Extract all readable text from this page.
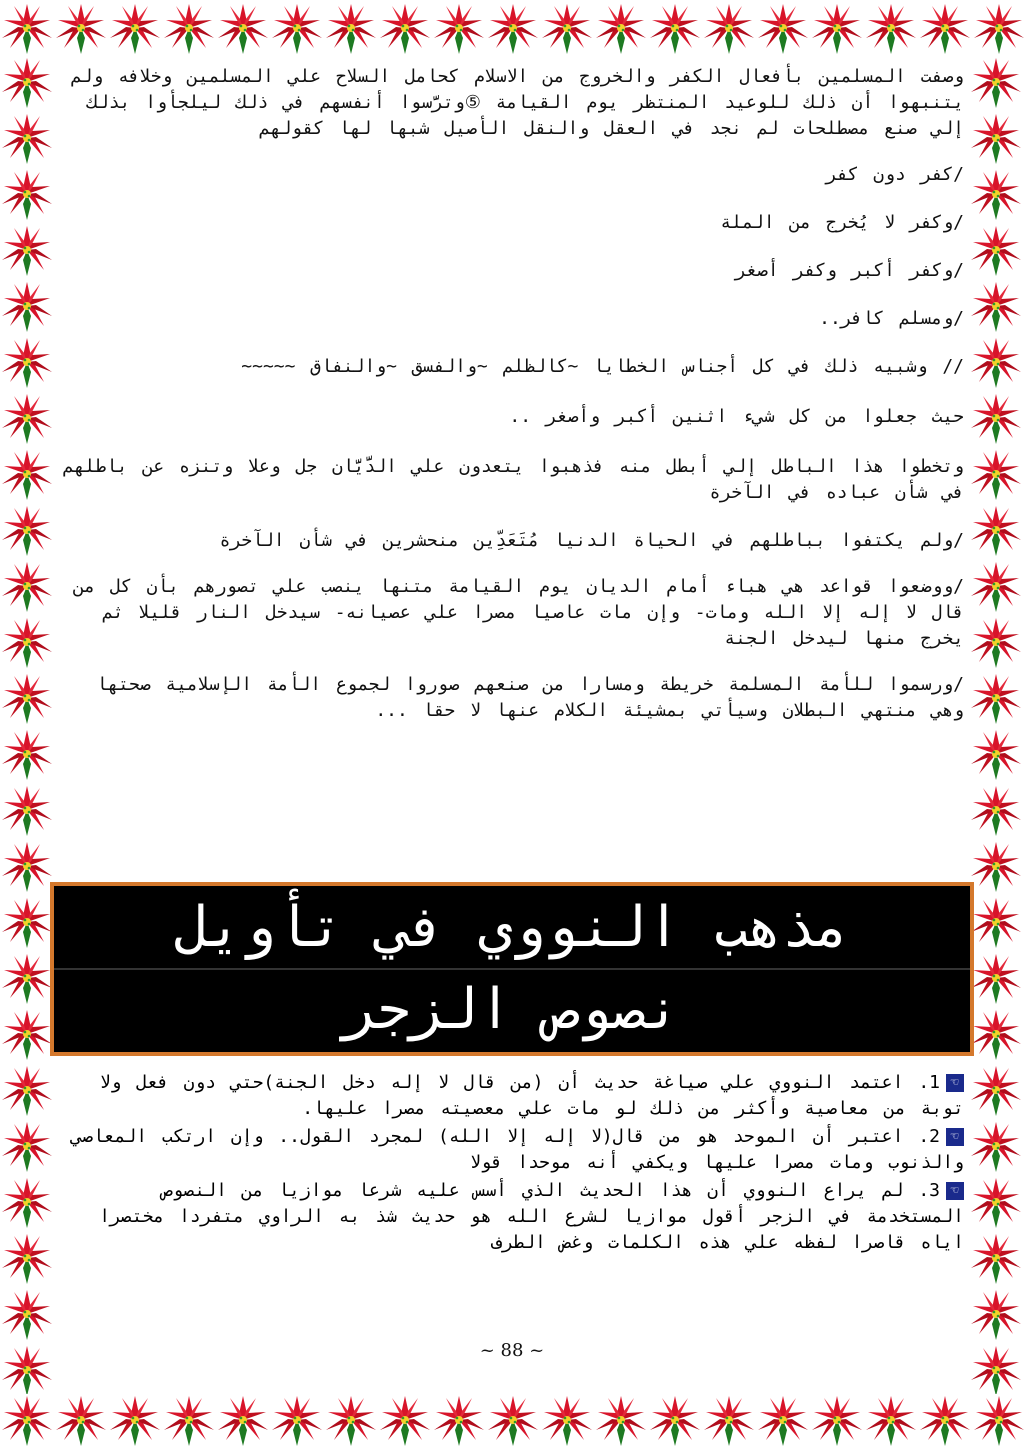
وصفت المسلمين بأفعال الكفر والخروج من الاسلام كحامل السلاح علي المسلمين وخلافه ولم يتنبهوا أن ذلك للوعيد المنتظر يوم القيامة ⑤وترَّسوا أنفسهم في ذلك ليلجأوا بذلك إلي صنع مصطلحات لم نجد في العقل والنقل الأصيل شبها لها كقولهم

/كفر دون كفر

/وكفر لا يُخرج من الملة

/وكفر أكبر وكفر أصغر

/ومسلم كافر..

// وشبيه ذلك في كل أجناس الخطايا ~كالظلم ~والفسق ~والنفاق ~~~~~

حيث جعلوا من كل شيء اثنين أكبر وأصغر ..

وتخطوا هذا الباطل إلي أبطل منه فذهبوا يتعدون علي الدَّيَّان جل وعلا وتنزه عن باطلهم في شأن عباده في الآخرة

/ولم يكتفوا بباطلهم في الحياة الدنيا مُتَعَدِّين منحشرين في شأن الآخرة

/ووضعوا قواعد هي هباء أمام الديان يوم القيامة متنها ينصب علي تصورهم بأن كل من قال لا إله إلا الله ومات- وإن مات عاصيا مصرا علي عصيانه- سيدخل النار قليلا ثم يخرج منها ليدخل الجنة

/ورسموا للأمة المسلمة خريطة ومسارا من صنعهم صوروا لجموع الأمة الإسلامية صحتها وهي منتهي البطلان وسيأتي بمشيئة الكلام عنها لا حقا ...

مذهب النووي في تأويل
نصوص الزجر

☜1. اعتمد النووي علي صياغة حديث أن (من قال لا إله دخل الجنة)حتي دون فعل ولا توبة من معاصية وأكثر من ذلك لو مات علي معصيته مصرا عليها.

☜2. اعتبر أن الموحد هو من قال(لا إله إلا الله) لمجرد القول.. وإن ارتكب المعاصي والذنوب ومات مصرا عليها ويكفي أنه موحدا قولا

☜3. لم يراع النووي أن هذا الحديث الذي أسس عليه شرعا موازيا من النصوص المستخدمة في الزجر أقول موازيا لشرع الله هو حديث شذ به الراوي متفردا مختصرا اياه قاصرا لفظه علي هذه الكلمات وغض الطرف

~ 88 ~
